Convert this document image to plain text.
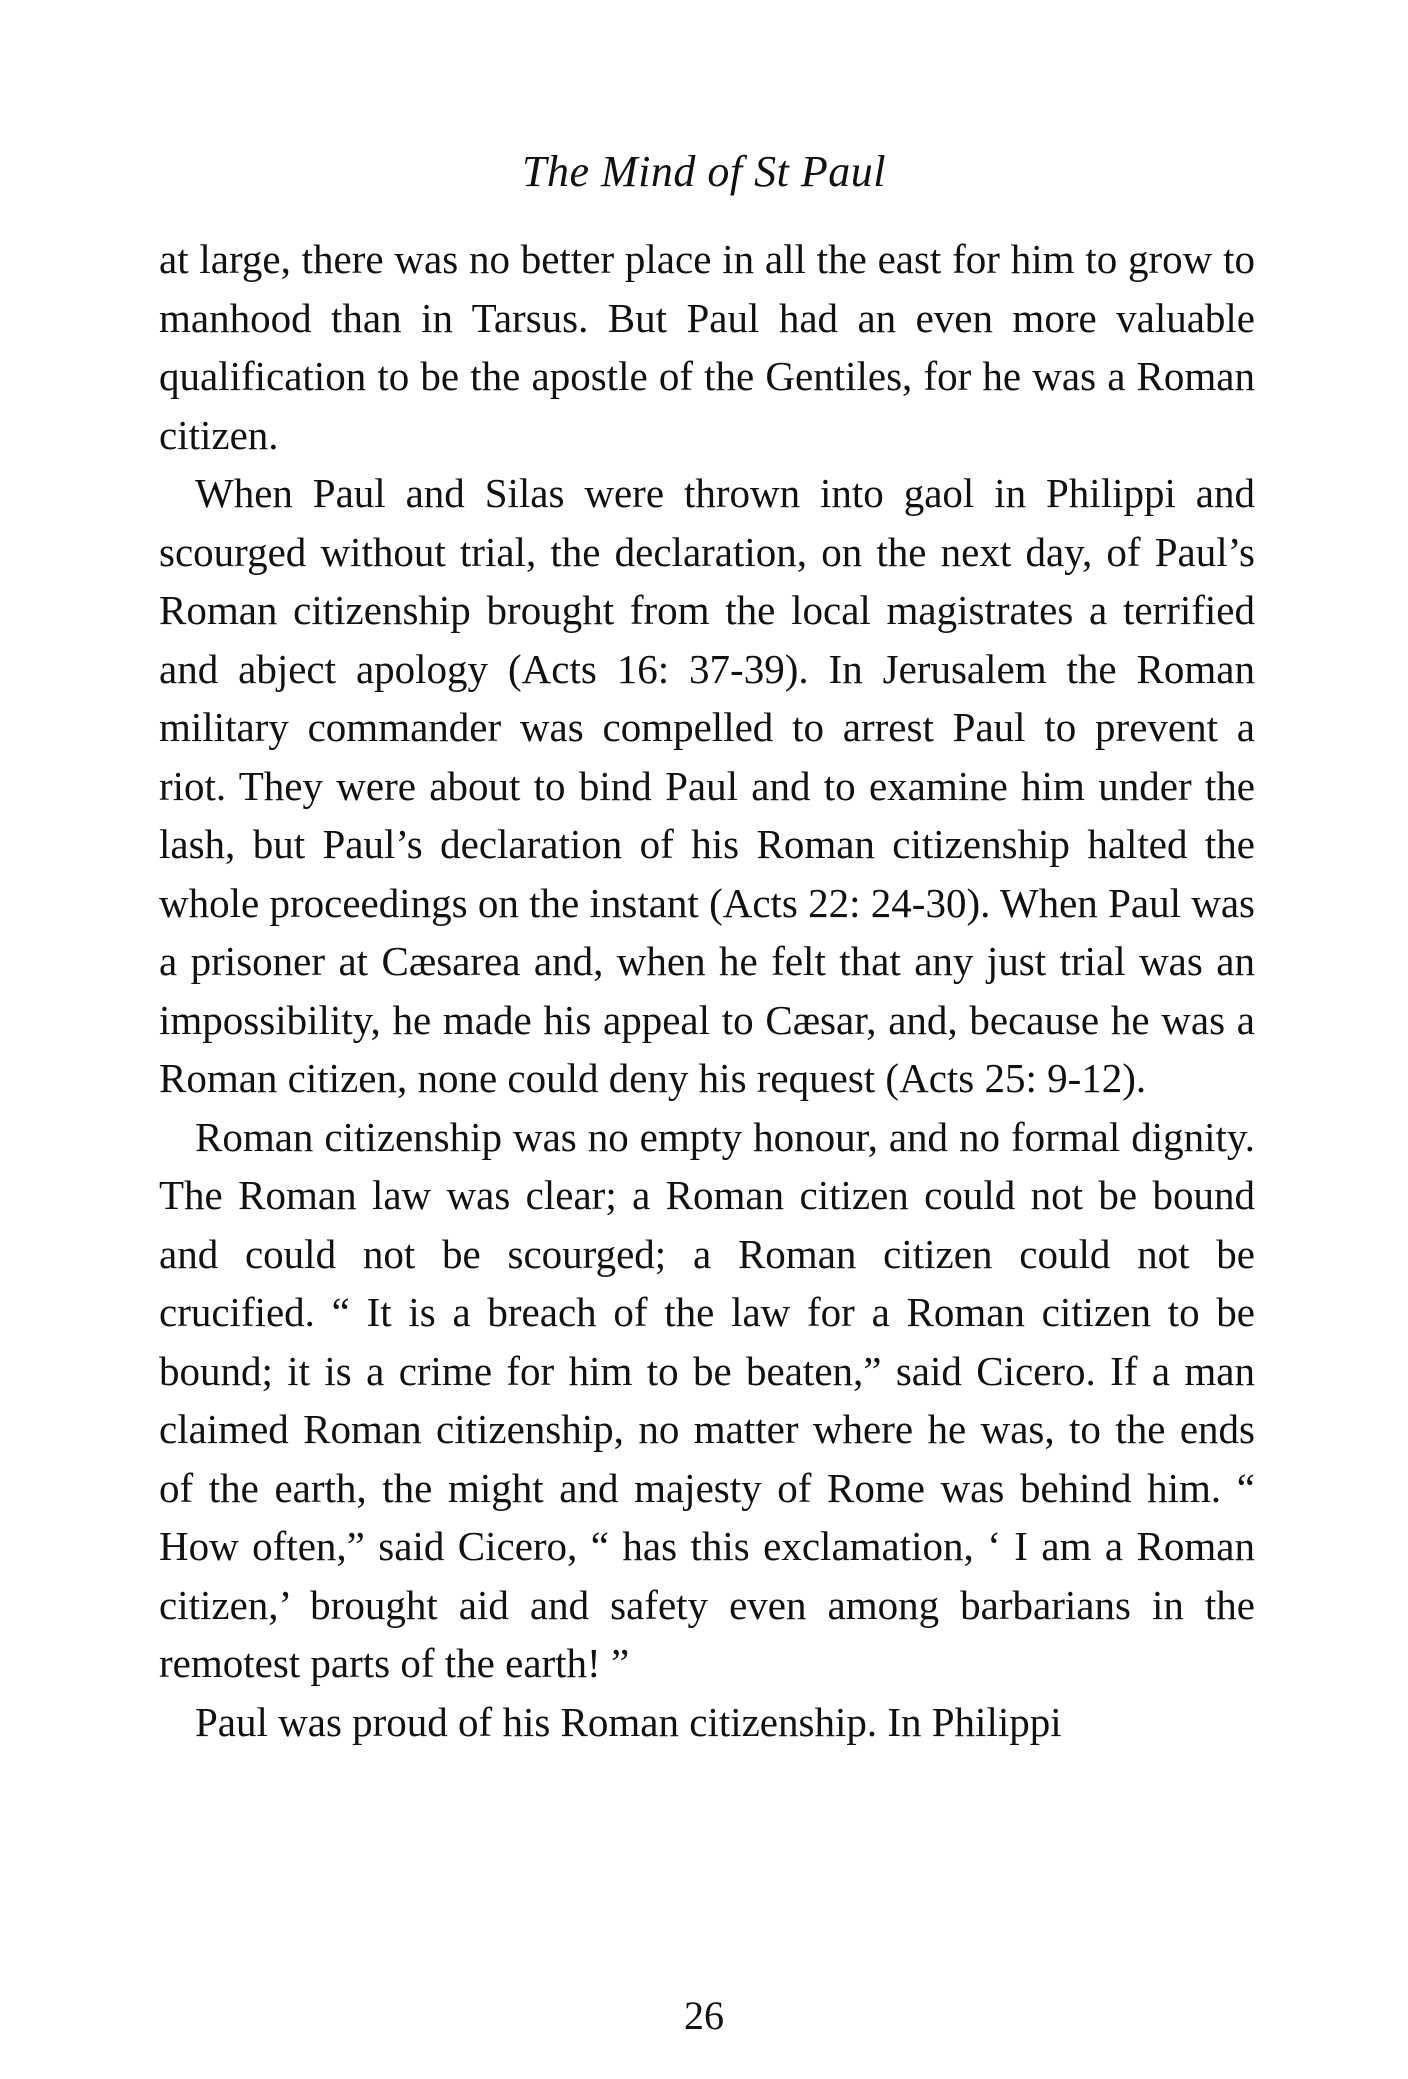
The Mind of St Paul

at large, there was no better place in all the east for him to grow to manhood than in Tarsus. But Paul had an even more valuable qualification to be the apostle of the Gentiles, for he was a Roman citizen.

When Paul and Silas were thrown into gaol in Philippi and scourged without trial, the declaration, on the next day, of Paul’s Roman citizenship brought from the local magistrates a terrified and abject apology (Acts 16: 37-39). In Jerusalem the Roman military commander was compelled to arrest Paul to prevent a riot. They were about to bind Paul and to examine him under the lash, but Paul’s declaration of his Roman citizenship halted the whole proceedings on the instant (Acts 22: 24-30). When Paul was a prisoner at Cæsarea and, when he felt that any just trial was an impossibility, he made his appeal to Cæsar, and, because he was a Roman citizen, none could deny his request (Acts 25: 9-12).

Roman citizenship was no empty honour, and no formal dignity. The Roman law was clear; a Roman citizen could not be bound and could not be scourged; a Roman citizen could not be crucified. “ It is a breach of the law for a Roman citizen to be bound; it is a crime for him to be beaten,” said Cicero. If a man claimed Roman citizenship, no matter where he was, to the ends of the earth, the might and majesty of Rome was behind him. “ How often,” said Cicero, “ has this exclamation, ‘ I am a Roman citizen,’ brought aid and safety even among barbarians in the remotest parts of the earth! ”

Paul was proud of his Roman citizenship. In Philippi

26
